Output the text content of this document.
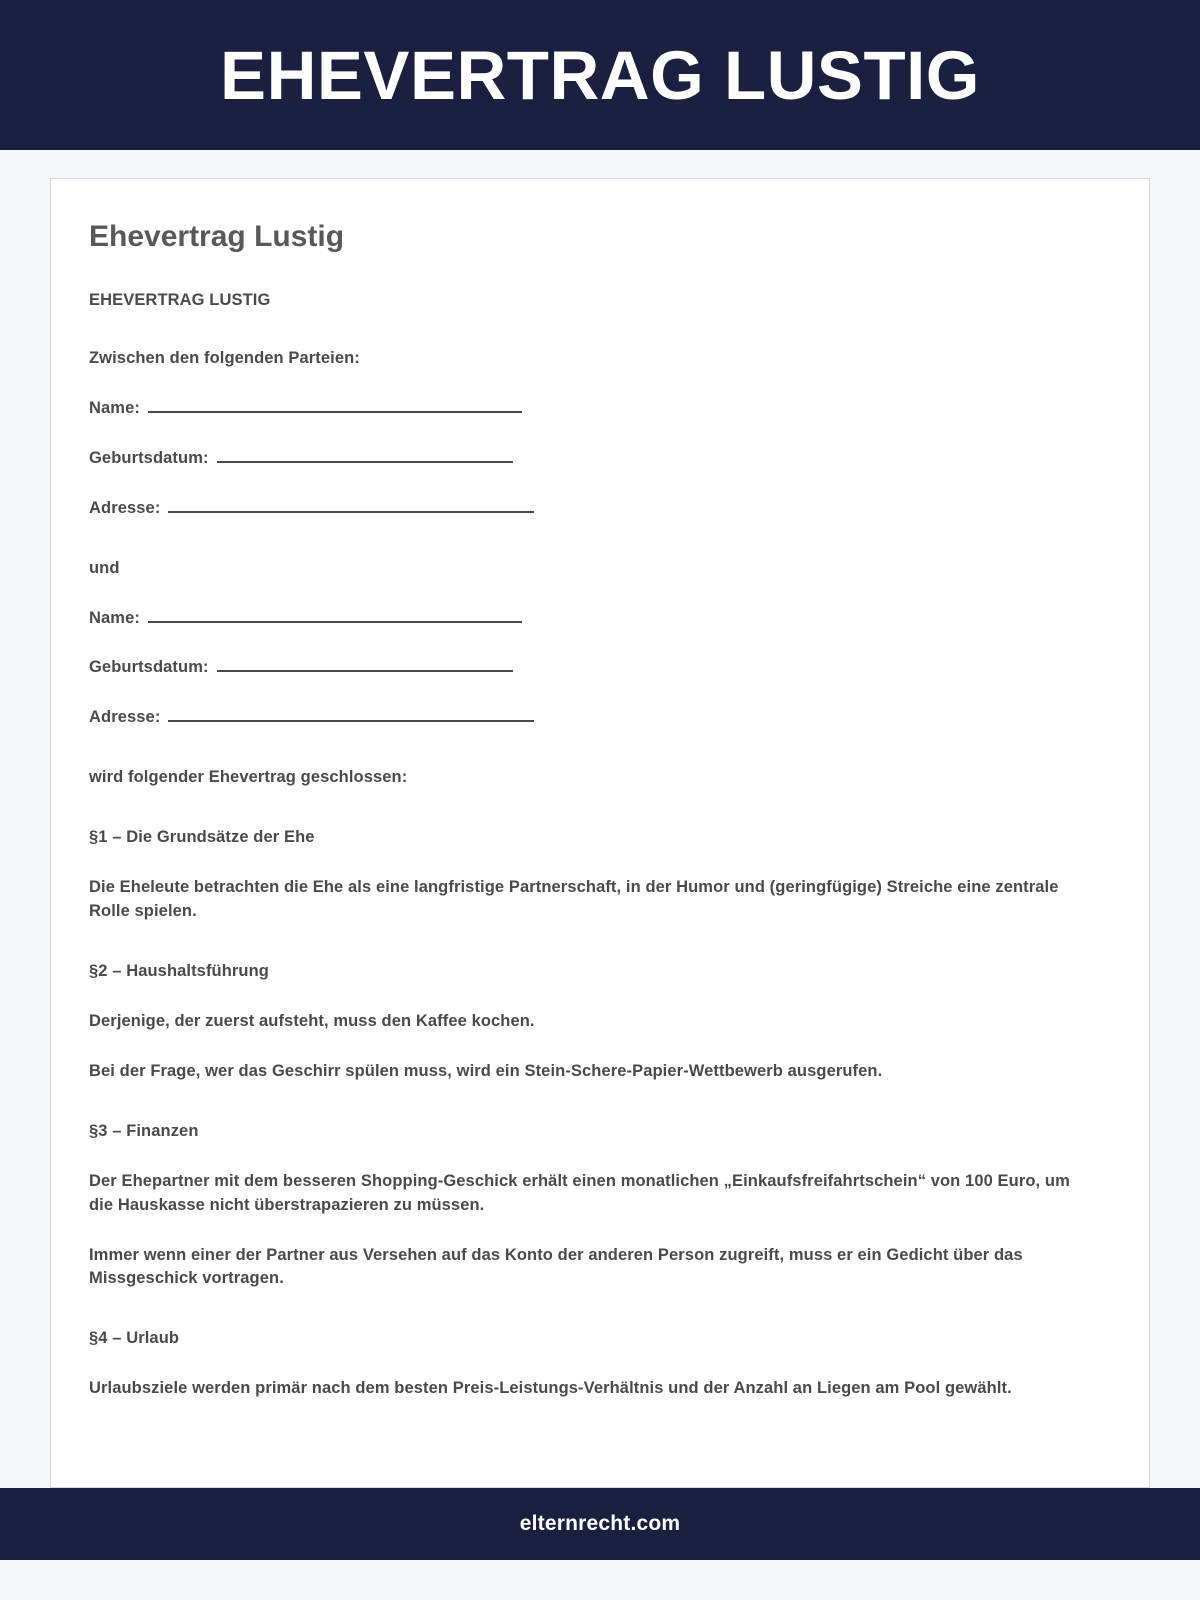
EHEVERTRAG LUSTIG
Ehevertrag Lustig

EHEVERTRAG LUSTIG

Zwischen den folgenden Parteien:

Name:
Geburtsdatum:
Adresse:

und

Name:
Geburtsdatum:
Adresse:

wird folgender Ehevertrag geschlossen:

§1 – Die Grundsätze der Ehe

Die Eheleute betrachten die Ehe als eine langfristige Partnerschaft, in der Humor und (geringfügige) Streiche eine zentrale Rolle spielen.

§2 – Haushaltsführung

Derjenige, der zuerst aufsteht, muss den Kaffee kochen.

Bei der Frage, wer das Geschirr spülen muss, wird ein Stein-Schere-Papier-Wettbewerb ausgerufen.

§3 – Finanzen

Der Ehepartner mit dem besseren Shopping-Geschick erhält einen monatlichen „Einkaufsfreifahrtschein“ von 100 Euro, um die Hauskasse nicht überstrapazieren zu müssen.

Immer wenn einer der Partner aus Versehen auf das Konto der anderen Person zugreift, muss er ein Gedicht über das Missgeschick vortragen.

§4 – Urlaub

Urlaubsziele werden primär nach dem besten Preis-Leistungs-Verhältnis und der Anzahl an Liegen am Pool gewählt.

elternrecht.com
